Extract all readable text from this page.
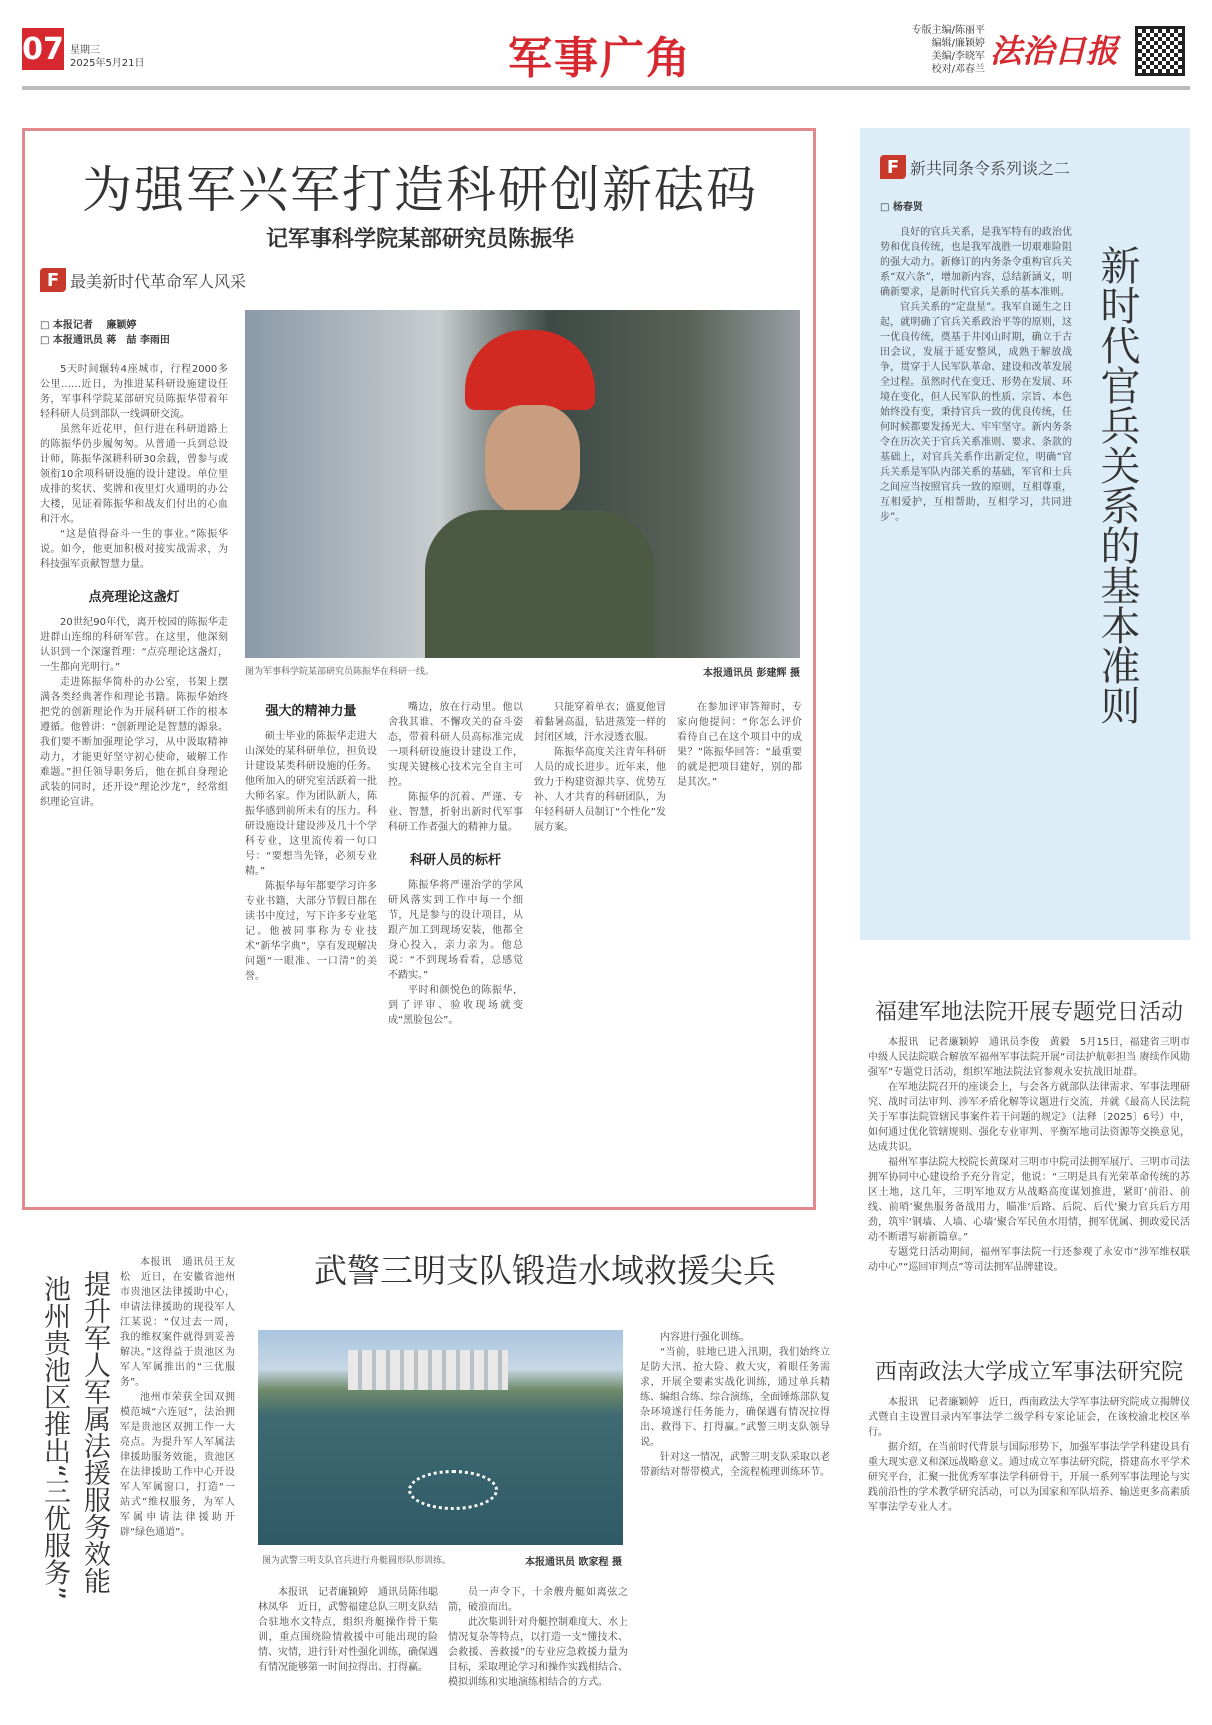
07 星期三
2025年5月21日	军事广角
专版主编/陈丽平
编辑/廉颖婷
美编/李晓军
校对/邓春兰 法治日报
为强军兴军打造科研创新砝码
记军事科学院某部研究员陈振华
F 最美新时代革命军人风采
□ 本报记者　 廉颖婷
□ 本报通讯员 蒋　喆 李雨田

5天时间辗转4座城市，行程2000多公里……近日，为推进某科研设施建设任务，军事科学院某部研究员陈振华带着年轻科研人员到部队一线调研交流。

虽然年近花甲，但行进在科研道路上的陈振华仍步履匆匆。从普通一兵到总设计师，陈振华深耕科研30余载，曾参与或领衔10余项科研设施的设计建设。单位里成排的奖状、奖牌和夜里灯火通明的办公大楼，见证着陈振华和战友们付出的心血和汗水。

“这是值得奋斗一生的事业。”陈振华说。如今，他更加积极对接实战需求，为科技强军贡献智慧力量。

点亮理论这盏灯

20世纪90年代，离开校园的陈振华走进群山连绵的科研军营。在这里，他深刻认识到一个深邃哲理：“点亮理论这盏灯，一生都向光明行。”

走进陈振华简朴的办公室，书架上摆满各类经典著作和理论书籍。陈振华始终把党的创新理论作为开展科研工作的根本遵循。他曾讲：“创新理论是智慧的源泉。我们要不断加强理论学习，从中汲取精神动力，才能更好坚守初心使命，破解工作难题。”担任领导职务后，他在抓自身理论武装的同时，还开设“理论沙龙”，经常组织理论宣讲。

图为军事科学院某部研究员陈振华在科研一线。	本报通讯员 彭建辉 摄
强大的精神力量

硕士毕业的陈振华走进大山深处的某科研单位，担负设计建设某类科研设施的任务。他所加入的研究室活跃着一批大师名家。作为团队新人，陈振华感到前所未有的压力。科研设施设计建设涉及几十个学科专业，这里流传着一句口号：“要想当先锋，必须专业精。”

陈振华每年都要学习许多专业书籍，大部分节假日都在读书中度过，写下许多专业笔记。他被同事称为专业技术“新华字典”，享有发现解决问题“一眼准、一口清”的美誉。

嘴边，放在行动里。他以舍我其谁、不懈攻关的奋斗姿态，带着科研人员高标准完成一项科研设施设计建设工作，实现关键核心技术完全自主可控。

陈振华的沉着、严谨、专业、智慧，折射出新时代军事科研工作者强大的精神力量。

科研人员的标杆

陈振华将严谨治学的学风研风落实到工作中每一个细节，凡是参与的设计项目，从跟产加工到现场安装，他都全身心投入，亲力亲为。他总说：“不到现场看看，总感觉不踏实。”

平时和颜悦色的陈振华，到了评审、验收现场就变成“黑脸包公”。

只能穿着单衣；盛夏他冒着黏暑高温，钻进蒸笼一样的封闭区域，汗水浸透衣服。

陈振华高度关注青年科研人员的成长进步。近年来，他致力于构建资源共享、优势互补、人才共育的科研团队，为年轻科研人员制订“个性化”发展方案。

在参加评审答辩时，专家向他提问：“你怎么评价看待自己在这个项目中的成果？”陈振华回答：“最重要的就是把项目建好，别的都是其次。”

F 新共同条令系列谈之二
□ 杨春贤

良好的官兵关系，是我军特有的政治优势和优良传统，也是我军战胜一切艰难险阻的强大动力。新修订的内务条令重构官兵关系“双六条”，增加新内容，总结新涵义，明确新要求，是新时代官兵关系的基本准则。

官兵关系的“定盘星”。我军自诞生之日起，就明确了官兵关系政治平等的原则，这一优良传统，奠基于井冈山时期，确立于古田会议，发展于延安整风，成熟于解放战争，贯穿于人民军队革命、建设和改革发展全过程。虽然时代在变迁、形势在发展、环境在变化，但人民军队的性质、宗旨、本色始终没有变，秉持官兵一致的优良传统，任何时候都要发扬光大、牢牢坚守。新内务条令在历次关于官兵关系准则、要求、条款的基础上，对官兵关系作出新定位，明确“官兵关系是军队内部关系的基础，军官和士兵之间应当按照官兵一致的原则，互相尊重，互相爱护，互相帮助，互相学习，共同进步”。	新时代官兵关系的基本准则
福建军地法院开展专题党日活动

本报讯　记者廉颖婷　通讯员李俊　黄毅　5月15日，福建省三明市中级人民法院联合解放军福州军事法院开展“司法护航彰担当 赓续作风勋强军”专题党日活动，组织军地法院法官参观永安抗战旧址群。

在军地法院召开的座谈会上，与会各方就部队法律需求、军事法理研究、战时司法审判、涉军矛盾化解等议题进行交流，并就《最高人民法院关于军事法院管辖民事案件若干问题的规定》（法释〔2025〕6号）中，如何通过优化管辖规则、强化专业审判、平衡军地司法资源等交换意见，达成共识。

福州军事法院大校院长黄琛对三明市中院司法拥军展厅、三明市司法拥军协同中心建设给予充分肯定，他说：“三明是具有光荣革命传统的苏区土地，这几年，三明军地双方从战略高度谋划推进，紧盯‘前沿、前线、前哨’聚焦服务备战用力，瞄准‘后路、后院、后代’聚力官兵后方用劲，筑牢‘钢墙、人墙、心墙’聚合军民鱼水用情，拥军优属、拥政爱民活动不断谱写崭新篇章。”

专题党日活动期间，福州军事法院一行还参观了永安市“涉军维权联动中心”“巡回审判点”等司法拥军品牌建设。

西南政法大学成立军事法研究院

本报讯　记者廉颖婷　近日，西南政法大学军事法研究院成立揭牌仪式暨自主设置目录内军事法学二级学科专家论证会，在该校渝北校区举行。

据介绍，在当前时代背景与国际形势下，加强军事法学学科建设具有重大现实意义和深远战略意义。通过成立军事法研究院，搭建高水平学术研究平台，汇聚一批优秀军事法学科研骨干，开展一系列军事法理论与实践前沿性的学术教学研究活动，可以为国家和军队培养、输送更多高素质军事法学专业人才。

提升军人军属法援服务效能
池州贵池区推出“三优服务”

本报讯　通讯员王友松　近日，在安徽省池州市贵池区法律援助中心，申请法律援助的现役军人江某说：“仅过去一周，我的维权案件就得到妥善解决。”这得益于贵池区为军人军属推出的“三优服务”。

池州市荣获全国双拥模范城“六连冠”，法治拥军是贵池区双拥工作一大亮点。为提升军人军属法律援助服务效能，贵池区在法律援助工作中心开设军人军属窗口，打造“一站式”维权服务，为军人军属申请法律援助开辟“绿色通道”。

武警三明支队锻造水域救援尖兵
图为武警三明支队官兵进行舟艇圆形队形训练。	本报通讯员 欧家程 摄

本报讯　记者廉颖婷　通讯员陈伟聪　林凤华　近日，武警福建总队三明支队结合驻地水文特点，组织舟艇操作骨干集训，重点围绕险情救援中可能出现的险情、灾情，进行针对性强化训练，确保遇有情况能够第一时间拉得出、打得赢。

员一声令下，十余艘舟艇如离弦之箭，破浪而出。

此次集训针对舟艇控制难度大、水上情况复杂等特点，以打造一支“懂技术、会救援、善救援”的专业应急救援力量为目标，采取理论学习和操作实践相结合、模拟训练和实地演练相结合的方式。

内容进行强化训练。

“当前，驻地已进入汛期，我们始终立足防大汛、抢大险、救大灾，着眼任务需求，开展全要素实战化训练，通过单兵精练、编组合练、综合演练，全面锤炼部队复杂环境遂行任务能力，确保遇有情况拉得出、救得下、打得赢。”武警三明支队领导说。

针对这一情况，武警三明支队采取以老带新结对帮带模式，全流程梳理训练环节。
